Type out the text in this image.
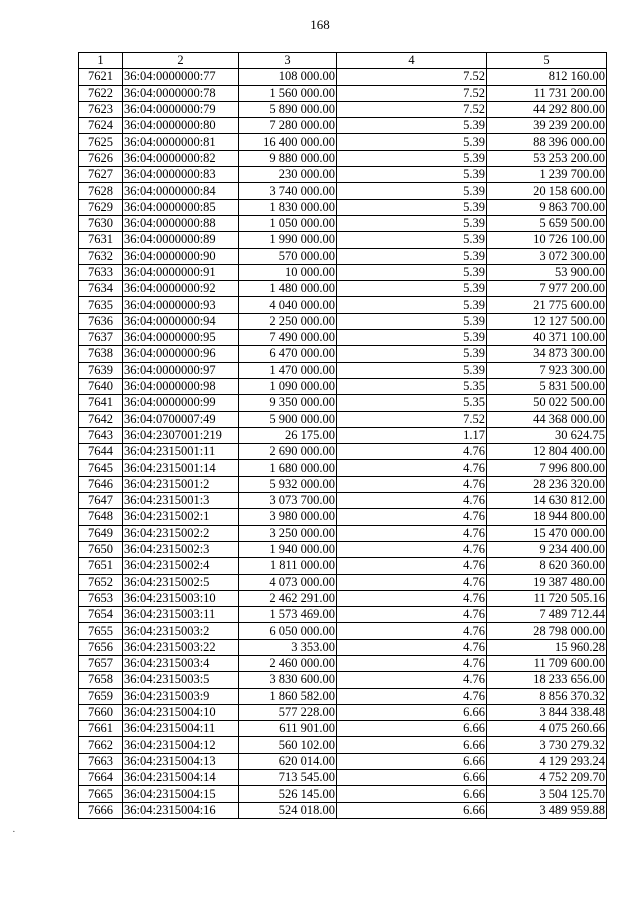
168
·
1	2	3	4	5
7621	36:04:0000000:77	108 000.00	7.52	812 160.00
7622	36:04:0000000:78	1 560 000.00	7.52	11 731 200.00
7623	36:04:0000000:79	5 890 000.00	7.52	44 292 800.00
7624	36:04:0000000:80	7 280 000.00	5.39	39 239 200.00
7625	36:04:0000000:81	16 400 000.00	5.39	88 396 000.00
7626	36:04:0000000:82	9 880 000.00	5.39	53 253 200.00
7627	36:04:0000000:83	230 000.00	5.39	1 239 700.00
7628	36:04:0000000:84	3 740 000.00	5.39	20 158 600.00
7629	36:04:0000000:85	1 830 000.00	5.39	9 863 700.00
7630	36:04:0000000:88	1 050 000.00	5.39	5 659 500.00
7631	36:04:0000000:89	1 990 000.00	5.39	10 726 100.00
7632	36:04:0000000:90	570 000.00	5.39	3 072 300.00
7633	36:04:0000000:91	10 000.00	5.39	53 900.00
7634	36:04:0000000:92	1 480 000.00	5.39	7 977 200.00
7635	36:04:0000000:93	4 040 000.00	5.39	21 775 600.00
7636	36:04:0000000:94	2 250 000.00	5.39	12 127 500.00
7637	36:04:0000000:95	7 490 000.00	5.39	40 371 100.00
7638	36:04:0000000:96	6 470 000.00	5.39	34 873 300.00
7639	36:04:0000000:97	1 470 000.00	5.39	7 923 300.00
7640	36:04:0000000:98	1 090 000.00	5.35	5 831 500.00
7641	36:04:0000000:99	9 350 000.00	5.35	50 022 500.00
7642	36:04:0700007:49	5 900 000.00	7.52	44 368 000.00
7643	36:04:2307001:219	26 175.00	1.17	30 624.75
7644	36:04:2315001:11	2 690 000.00	4.76	12 804 400.00
7645	36:04:2315001:14	1 680 000.00	4.76	7 996 800.00
7646	36:04:2315001:2	5 932 000.00	4.76	28 236 320.00
7647	36:04:2315001:3	3 073 700.00	4.76	14 630 812.00
7648	36:04:2315002:1	3 980 000.00	4.76	18 944 800.00
7649	36:04:2315002:2	3 250 000.00	4.76	15 470 000.00
7650	36:04:2315002:3	1 940 000.00	4.76	9 234 400.00
7651	36:04:2315002:4	1 811 000.00	4.76	8 620 360.00
7652	36:04:2315002:5	4 073 000.00	4.76	19 387 480.00
7653	36:04:2315003:10	2 462 291.00	4.76	11 720 505.16
7654	36:04:2315003:11	1 573 469.00	4.76	7 489 712.44
7655	36:04:2315003:2	6 050 000.00	4.76	28 798 000.00
7656	36:04:2315003:22	3 353.00	4.76	15 960.28
7657	36:04:2315003:4	2 460 000.00	4.76	11 709 600.00
7658	36:04:2315003:5	3 830 600.00	4.76	18 233 656.00
7659	36:04:2315003:9	1 860 582.00	4.76	8 856 370.32
7660	36:04:2315004:10	577 228.00	6.66	3 844 338.48
7661	36:04:2315004:11	611 901.00	6.66	4 075 260.66
7662	36:04:2315004:12	560 102.00	6.66	3 730 279.32
7663	36:04:2315004:13	620 014.00	6.66	4 129 293.24
7664	36:04:2315004:14	713 545.00	6.66	4 752 209.70
7665	36:04:2315004:15	526 145.00	6.66	3 504 125.70
7666	36:04:2315004:16	524 018.00	6.66	3 489 959.88
